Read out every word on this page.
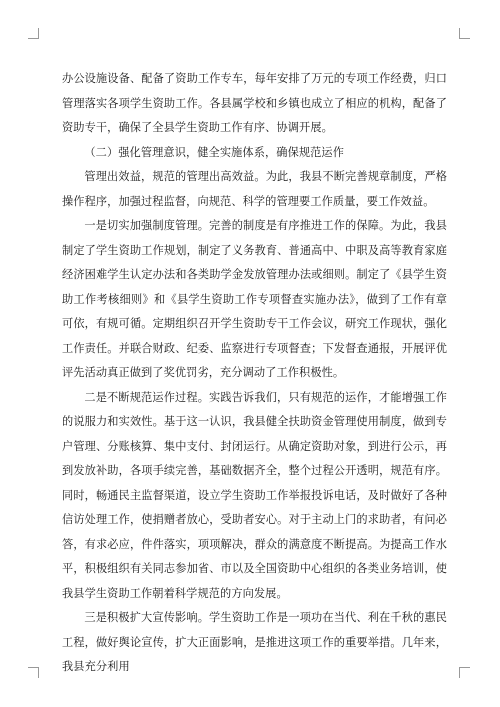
办公设施设备、配备了资助工作专车，每年安排了万元的专项工作经费，归口管理落实各项学生资助工作。各县属学校和乡镇也成立了相应的机构，配备了资助专干，确保了全县学生资助工作有序、协调开展。

（二）强化管理意识，健全实施体系，确保规范运作

管理出效益，规范的管理出高效益。为此，我县不断完善规章制度，严格操作程序，加强过程监督，向规范、科学的管理要工作质量，要工作效益。

一是切实加强制度管理。完善的制度是有序推进工作的保障。为此，我县制定了学生资助工作规划，制定了义务教育、普通高中、中职及高等教育家庭经济困难学生认定办法和各类助学金发放管理办法或细则。制定了《县学生资助工作考核细则》和《县学生资助工作专项督查实施办法》，做到了工作有章可依，有规可循。定期组织召开学生资助专干工作会议，研究工作现状，强化工作责任。并联合财政、纪委、监察进行专项督查；下发督查通报，开展评优评先活动真正做到了奖优罚劣，充分调动了工作积极性。

二是不断规范运作过程。实践告诉我们，只有规范的运作，才能增强工作的说服力和实效性。基于这一认识，我县健全扶助资金管理使用制度，做到专户管理、分账核算、集中支付、封闭运行。从确定资助对象，到进行公示，再到发放补助，各项手续完善，基础数据齐全，整个过程公开透明，规范有序。同时，畅通民主监督渠道，设立学生资助工作举报投诉电话，及时做好了各种信访处理工作，使捐赠者放心，受助者安心。对于主动上门的求助者，有问必答，有求必应，件件落实，项项解决，群众的满意度不断提高。为提高工作水平，积极组织有关同志参加省、市以及全国资助中心组织的各类业务培训，使我县学生资助工作朝着科学规范的方向发展。

三是积极扩大宣传影响。学生资助工作是一项功在当代、利在千秋的惠民工程，做好舆论宣传，扩大正面影响，是推进这项工作的重要举措。几年来，我县充分利用
